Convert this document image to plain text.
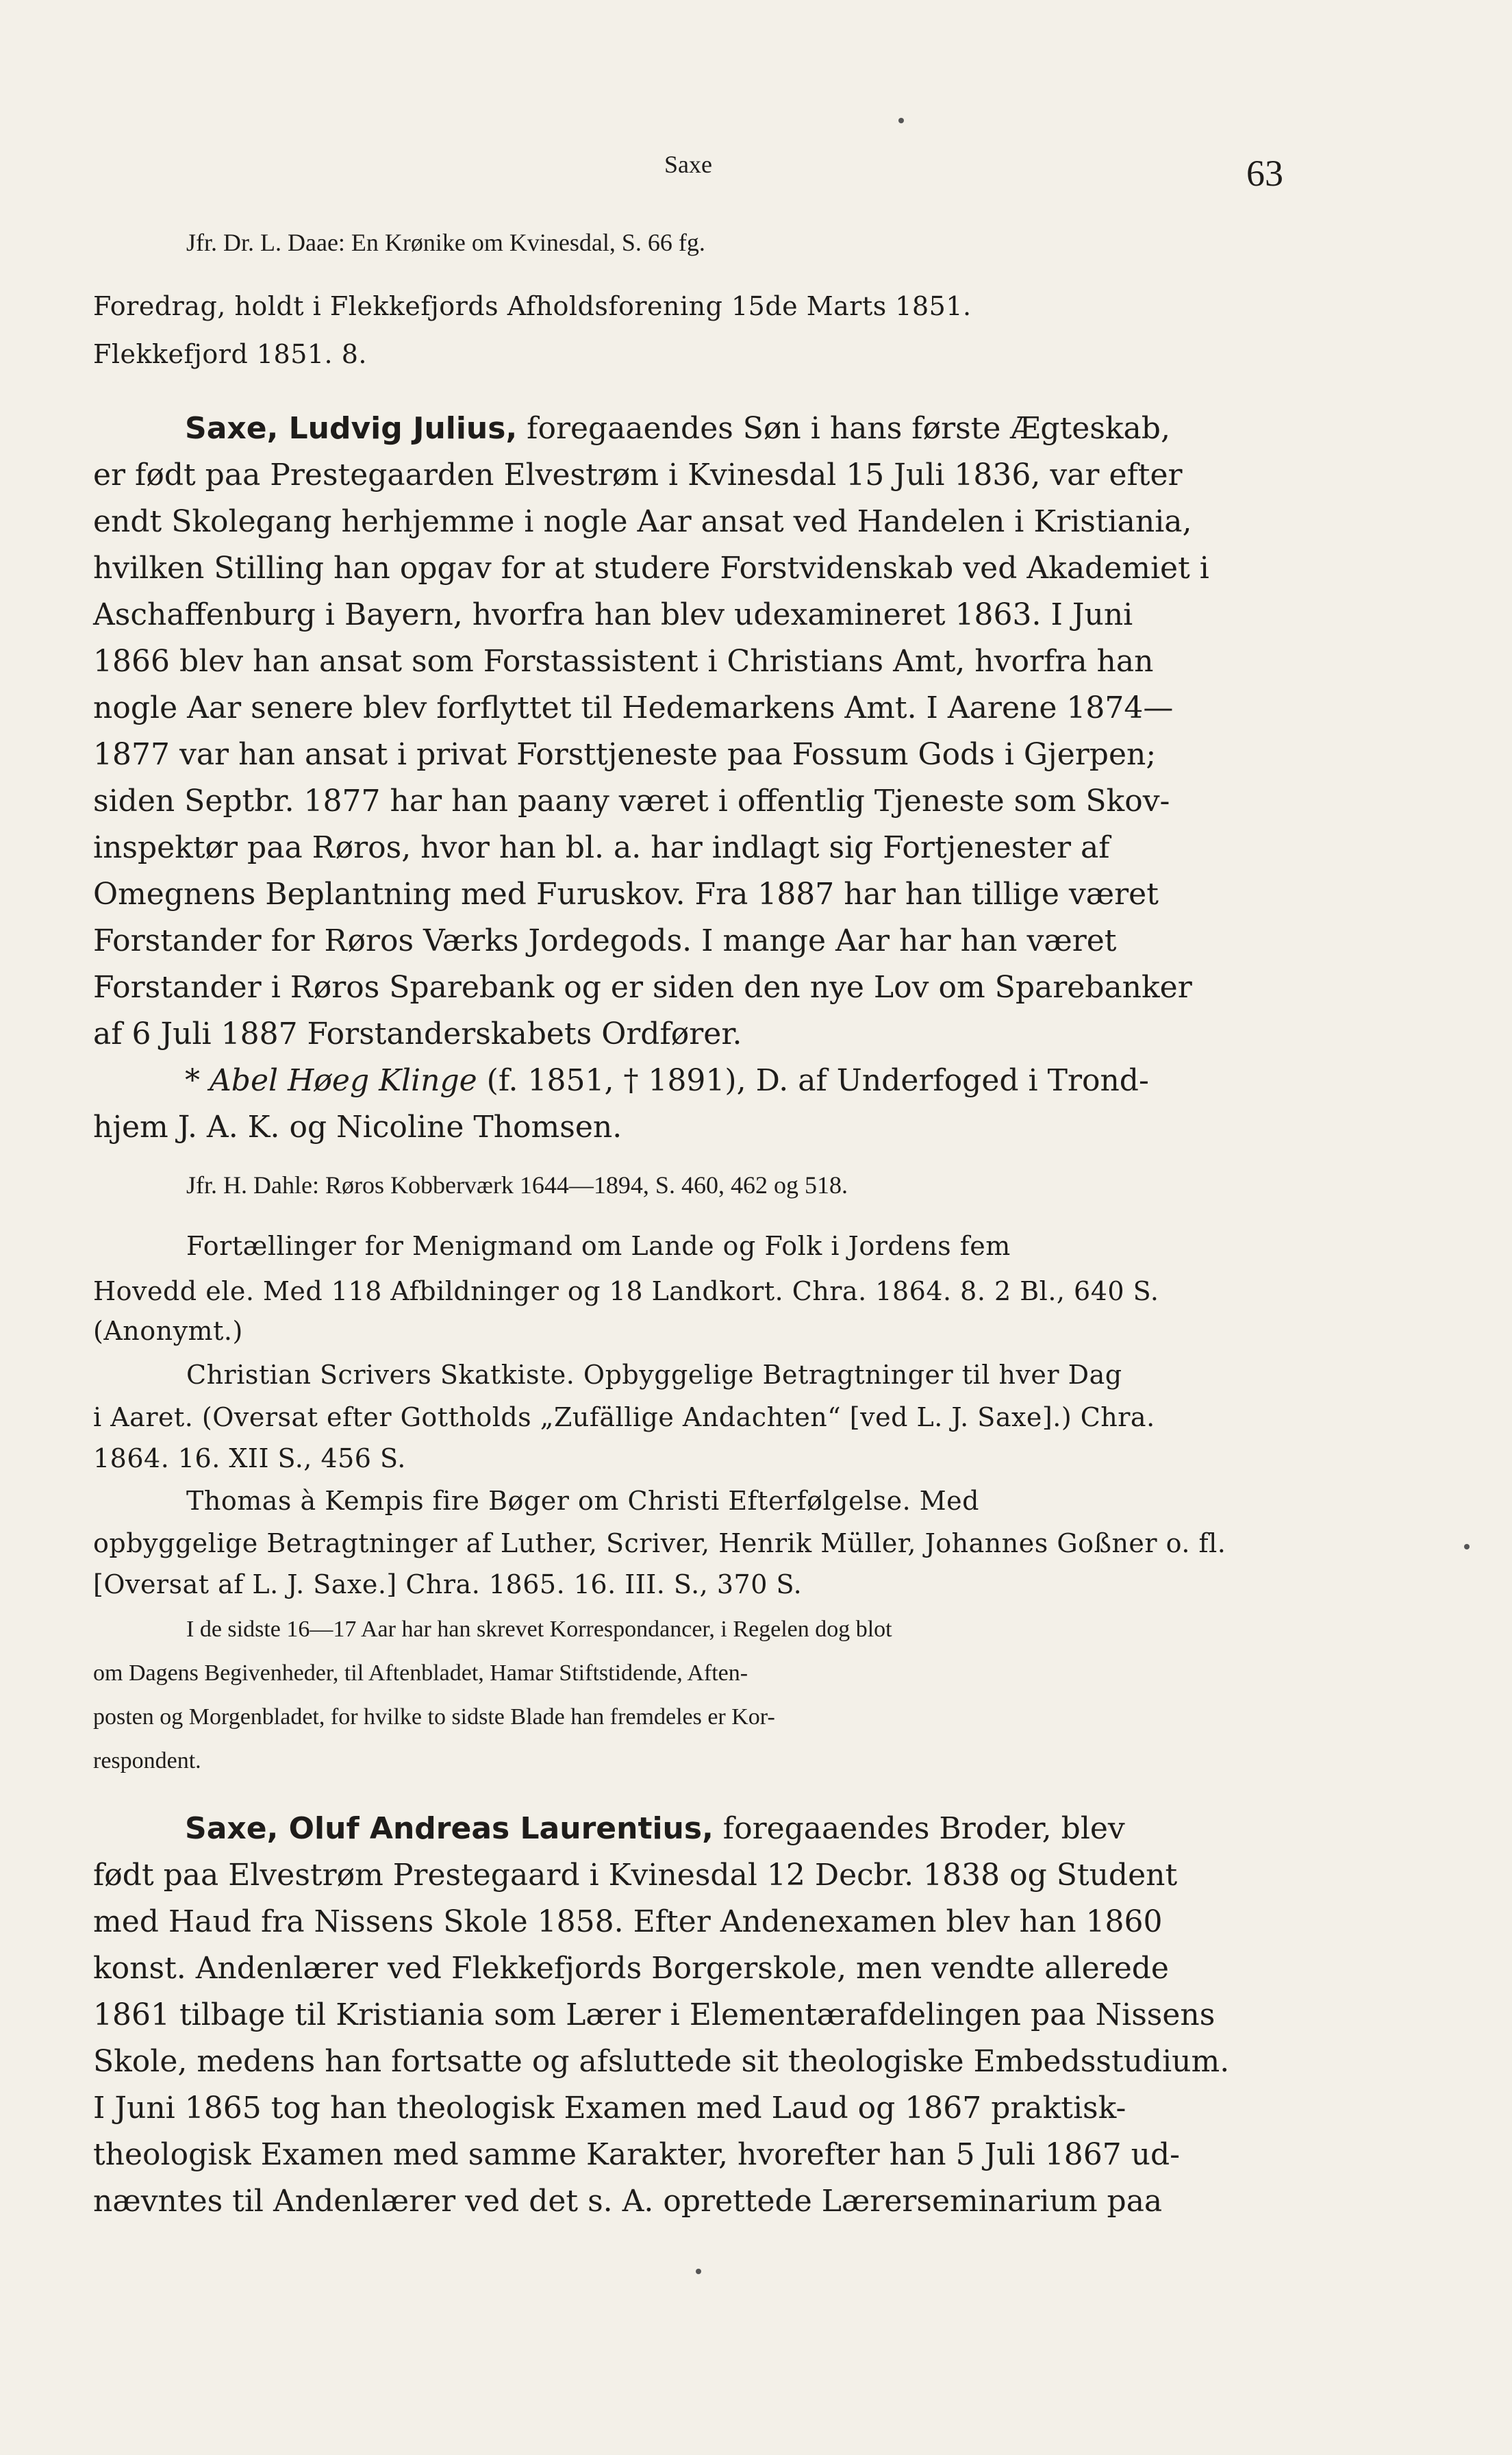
Saxe	63
Jfr. Dr. L. Daae: En Krønike om Kvinesdal, S. 66 fg.
Foredrag, holdt i Flekkefjords Afholdsforening 15de Marts 1851.
Flekkefjord 1851. 8.
Saxe, Ludvig Julius, foregaaendes Søn i hans første Ægteskab,
er født paa Prestegaarden Elvestrøm i Kvinesdal 15 Juli 1836, var efter
endt Skolegang herhjemme i nogle Aar ansat ved Handelen i Kristiania,
hvilken Stilling han opgav for at studere Forstvidenskab ved Akademiet i
Aschaffenburg i Bayern, hvorfra han blev udexamineret 1863. I Juni
1866 blev han ansat som Forstassistent i Christians Amt, hvorfra han
nogle Aar senere blev forflyttet til Hedemarkens Amt. I Aarene 1874—
1877 var han ansat i privat Forsttjeneste paa Fossum Gods i Gjerpen;
siden Septbr. 1877 har han paany været i offentlig Tjeneste som Skov-
inspektør paa Røros, hvor han bl. a. har indlagt sig Fortjenester af
Omegnens Beplantning med Furuskov. Fra 1887 har han tillige været
Forstander for Røros Værks Jordegods. I mange Aar har han været
Forstander i Røros Sparebank og er siden den nye Lov om Sparebanker
af 6 Juli 1887 Forstanderskabets Ordfører.
* Abel Høeg Klinge (f. 1851, † 1891), D. af Underfoged i Trond-
hjem J. A. K. og Nicoline Thomsen.
Jfr. H. Dahle: Røros Kobberværk 1644—1894, S. 460, 462 og 518.
Fortællinger for Menigmand om Lande og Folk i Jordens fem
Hovedd ele. Med 118 Afbildninger og 18 Landkort. Chra. 1864. 8. 2 Bl., 640 S.
(Anonymt.)
Christian Scrivers Skatkiste. Opbyggelige Betragtninger til hver Dag
i Aaret. (Oversat efter Gottholds „Zufällige Andachten“ [ved L. J. Saxe].) Chra.
1864. 16. XII S., 456 S.
Thomas à Kempis fire Bøger om Christi Efterfølgelse. Med
opbyggelige Betragtninger af Luther, Scriver, Henrik Müller, Johannes Goßner o. fl.
[Oversat af L. J. Saxe.] Chra. 1865. 16. III. S., 370 S.
I de sidste 16—17 Aar har han skrevet Korrespondancer, i Regelen dog blot
om Dagens Begivenheder, til Aftenbladet, Hamar Stiftstidende, Aften-
posten og Morgenbladet, for hvilke to sidste Blade han fremdeles er Kor-
respondent.
Saxe, Oluf Andreas Laurentius, foregaaendes Broder, blev
født paa Elvestrøm Prestegaard i Kvinesdal 12 Decbr. 1838 og Student
med Haud fra Nissens Skole 1858. Efter Andenexamen blev han 1860
konst. Andenlærer ved Flekkefjords Borgerskole, men vendte allerede
1861 tilbage til Kristiania som Lærer i Elementærafdelingen paa Nissens
Skole, medens han fortsatte og afsluttede sit theologiske Embedsstudium.
I Juni 1865 tog han theologisk Examen med Laud og 1867 praktisk-
theologisk Examen med samme Karakter, hvorefter han 5 Juli 1867 ud-
nævntes til Andenlærer ved det s. A. oprettede Lærerseminarium paa
